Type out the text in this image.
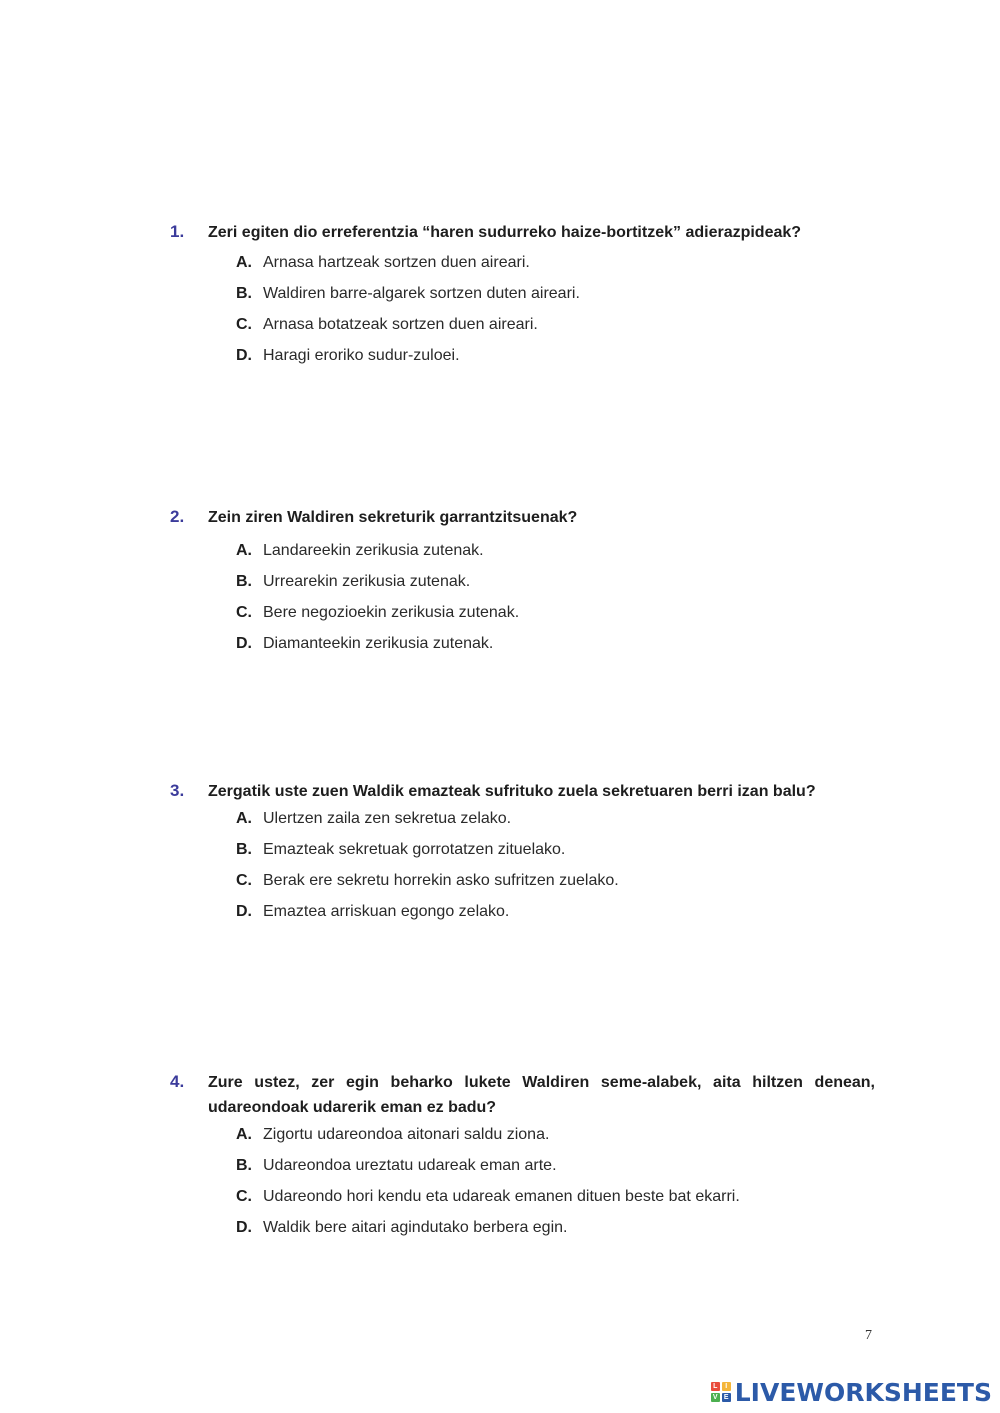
1.	Zeri egiten dio erreferentzia “haren sudurreko haize-bortitzek” adierazpideak?
A. Arnasa hartzeak sortzen duen aireari.
B. Waldiren barre-algarek sortzen duten aireari.
C. Arnasa botatzeak sortzen duen aireari.
D. Haragi eroriko sudur-zuloei.
2.	Zein ziren Waldiren sekreturik garrantzitsuenak?
A. Landareekin zerikusia zutenak.
B. Urrearekin zerikusia zutenak.
C. Bere negozioekin zerikusia zutenak.
D. Diamanteekin zerikusia zutenak.
3.	Zergatik uste zuen Waldik emazteak sufrituko zuela sekretuaren berri izan balu?
A. Ulertzen zaila zen sekretua zelako.
B. Emazteak sekretuak gorrotatzen zituelako.
C. Berak ere sekretu horrekin asko sufritzen zuelako.
D. Emaztea arriskuan egongo zelako.
4.	Zure ustez, zer egin beharko lukete Waldiren seme-alabek, aita hiltzen denean, udareondoak udarerik eman ez badu?
A. Zigortu udareondoa aitonari saldu ziona.
B. Udareondoa ureztatu udareak eman arte.
C. Udareondo hori kendu eta udareak emanen dituen beste bat ekarri.
D. Waldik bere aitari agindutako berbera egin.
7
L	I
V E LIVEWORKSHEETS
